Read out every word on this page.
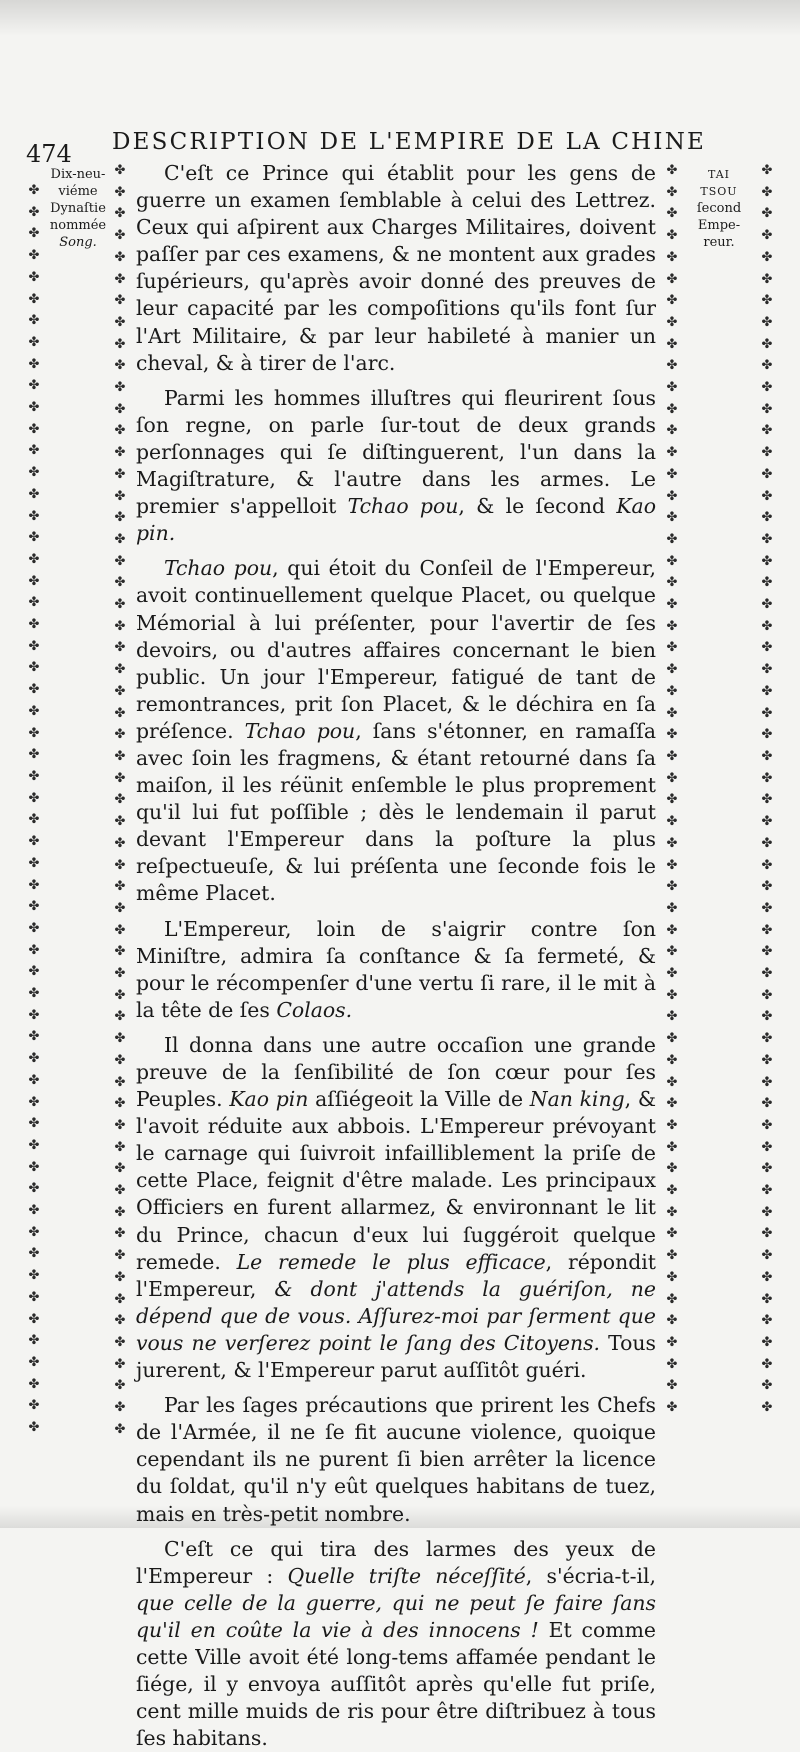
474 DESCRIPTION DE L'EMPIRE DE LA CHINE
✤
✤
✤
✤
✤
✤
✤
✤
✤
✤
✤
✤
✤
✤
✤
✤
✤
✤
✤
✤
✤
✤
✤
✤
✤
✤
✤
✤
✤
✤
✤
✤
✤
✤
✤
✤
✤
✤
✤
✤
✤
✤
✤
✤
✤
✤
✤
✤
✤
✤
✤
✤
✤
✤
✤
✤
✤
✤
✤
✤
✤
✤
✤
✤
✤
✤
✤
✤
✤
✤
✤
✤
✤
✤
✤
✤
✤
✤
✤
✤
✤
✤
✤
✤
✤
✤
✤
✤
✤
✤
✤
✤
✤
✤
✤
✤
✤
✤
✤
✤
✤
✤
✤
✤
✤
✤
✤
✤
✤
✤
✤
✤
✤
✤
✤
✤
✤
✤
✤
✤
✤
✤
✤
✤
✤
✤
✤
✤
✤
✤
✤
✤
✤
✤
✤
✤
✤
✤
✤
✤
✤
✤
✤
✤
✤
✤
✤
✤
✤
✤
✤
✤
✤
✤
✤
✤
✤
✤
✤
✤
✤
✤
✤
✤
✤
✤
✤
✤
✤
✤
✤
✤
✤
✤
✤
✤
✤
✤
✤
✤
✤
✤
✤
✤
✤
✤
✤
✤
✤
✤
✤
✤
✤
✤
✤
✤
✤
✤
✤
✤
✤
✤
✤
✤
✤
✤
✤
✤
✤
✤
✤
✤
✤
✤
✤
✤
✤
✤
✤
✤
✤
✤
✤
✤
✤
✤
✤
✤
✤
✤
✤
✤
✤
Dix-neu-
viéme
Dynaſtie
nommée
Song.
TAI
TSOU
ſecond
Empe-
reur.

C'eſt ce Prince qui établit pour les gens de guerre un examen ſemblable à celui des Lettrez. Ceux qui aſpirent aux Charges Militaires, doivent paſſer par ces examens, & ne montent aux grades ſupérieurs, qu'après avoir donné des preuves de leur capacité par les compoſitions qu'ils font ſur l'Art Militaire, & par leur habileté à manier un cheval, & à tirer de l'arc.

Parmi les hommes illuſtres qui fleurirent ſous ſon regne, on parle ſur-tout de deux grands perſonnages qui ſe diſtinguerent, l'un dans la Magiſtrature, & l'autre dans les armes. Le premier s'appelloit Tchao pou, & le ſecond Kao pin.

Tchao pou, qui étoit du Conſeil de l'Empereur, avoit continuellement quelque Placet, ou quelque Mémorial à lui préſenter, pour l'avertir de ſes devoirs, ou d'autres affaires concernant le bien public. Un jour l'Empereur, fatigué de tant de remontrances, prit ſon Placet, & le déchira en ſa préſence. Tchao pou, ſans s'étonner, en ramaſſa avec ſoin les fragmens, & étant retourné dans ſa maiſon, il les réünit enſemble le plus proprement qu'il lui fut poſſible ; dès le lendemain il parut devant l'Empereur dans la poſture la plus reſpectueuſe, & lui préſenta une ſeconde fois le même Placet.

L'Empereur, loin de s'aigrir contre ſon Miniſtre, admira ſa conſtance & ſa fermeté, & pour le récompenſer d'une vertu ſi rare, il le mit à la tête de ſes Colaos.

Il donna dans une autre occaſion une grande preuve de la ſenſibilité de ſon cœur pour ſes Peuples. Kao pin aſſiégeoit la Ville de Nan king, & l'avoit réduite aux abbois. L'Empereur prévoyant le carnage qui ſuivroit infailliblement la priſe de cette Place, feignit d'être malade. Les principaux Officiers en furent allarmez, & environnant le lit du Prince, chacun d'eux lui ſuggéroit quelque remede. Le remede le plus efficace, répondit l'Empereur, & dont j'attends la guériſon, ne dépend que de vous. Aſſurez-moi par ſerment que vous ne verſerez point le ſang des Citoyens. Tous jurerent, & l'Empereur parut auſſitôt guéri.

Par les ſages précautions que prirent les Chefs de l'Armée, il ne ſe fit aucune violence, quoique cependant ils ne purent ſi bien arrêter la licence du ſoldat, qu'il n'y eût quelques habitans de tuez, mais en très-petit nombre.

C'eſt ce qui tira des larmes des yeux de l'Empereur : Quelle triſte néceſſité, s'écria-t-il, que celle de la guerre, qui ne peut ſe faire ſans qu'il en coûte la vie à des innocens ! Et comme cette Ville avoit été long-tems affamée pendant le ſiége, il y envoya auſſitôt après qu'elle fut priſe, cent mille muids de ris pour être diſtribuez à tous ſes habitans.
